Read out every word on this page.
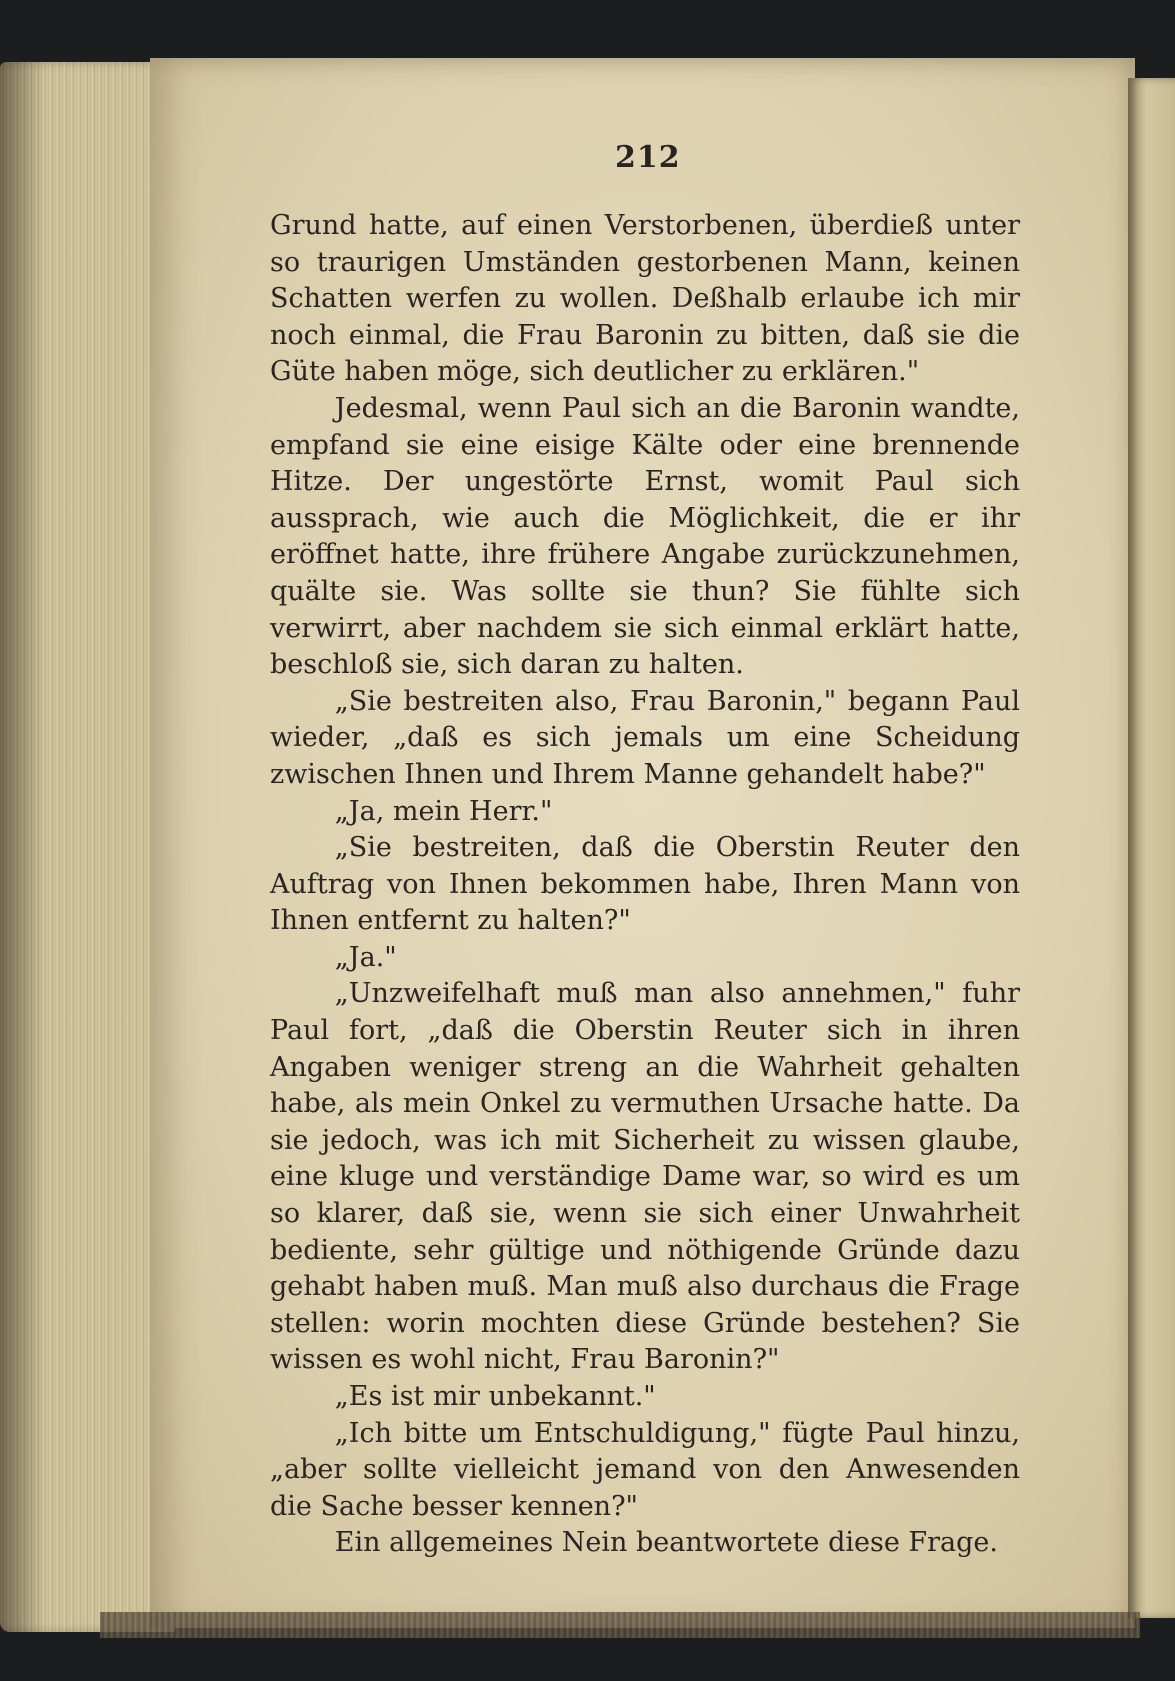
212

Grund hatte, auf einen Verstorbenen, überdieß unter so traurigen Umständen gestorbenen Mann, keinen Schatten werfen zu wollen. Deßhalb erlaube ich mir noch einmal, die Frau Baronin zu bitten, daß sie die Güte haben möge, sich deutlicher zu erklären."

Jedesmal, wenn Paul sich an die Baronin wandte, empfand sie eine eisige Kälte oder eine brennende Hitze. Der ungestörte Ernst, womit Paul sich aussprach, wie auch die Möglichkeit, die er ihr eröffnet hatte, ihre frühere Angabe zurückzunehmen, quälte sie. Was sollte sie thun? Sie fühlte sich verwirrt, aber nachdem sie sich einmal erklärt hatte, beschloß sie, sich daran zu halten.

„Sie bestreiten also, Frau Baronin," begann Paul wieder, „daß es sich jemals um eine Scheidung zwischen Ihnen und Ihrem Manne gehandelt habe?"

„Ja, mein Herr."

„Sie bestreiten, daß die Oberstin Reuter den Auftrag von Ihnen bekommen habe, Ihren Mann von Ihnen entfernt zu halten?"

„Ja."

„Unzweifelhaft muß man also annehmen," fuhr Paul fort, „daß die Oberstin Reuter sich in ihren Angaben weniger streng an die Wahrheit gehalten habe, als mein Onkel zu vermuthen Ursache hatte. Da sie jedoch, was ich mit Sicherheit zu wissen glaube, eine kluge und verständige Dame war, so wird es um so klarer, daß sie, wenn sie sich einer Unwahrheit bediente, sehr gültige und nöthigende Gründe dazu gehabt haben muß. Man muß also durchaus die Frage stellen: worin mochten diese Gründe bestehen? Sie wissen es wohl nicht, Frau Baronin?"

„Es ist mir unbekannt."

„Ich bitte um Entschuldigung," fügte Paul hinzu, „aber sollte vielleicht jemand von den Anwesenden die Sache besser kennen?"

Ein allgemeines Nein beantwortete diese Frage.
